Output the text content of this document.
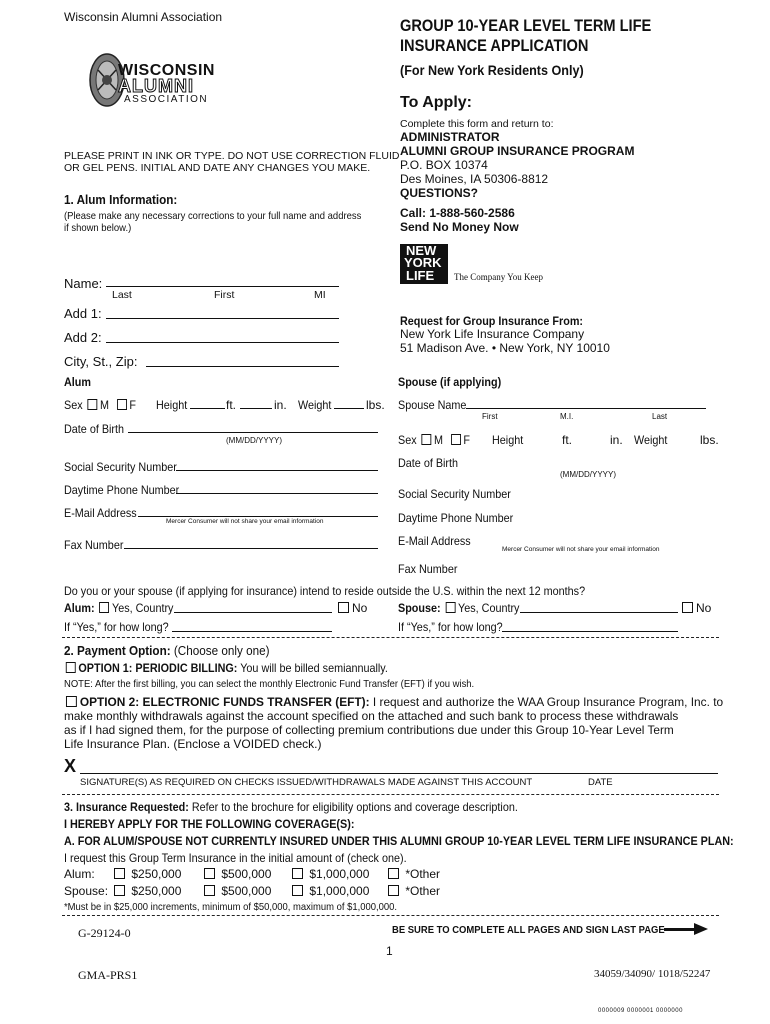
Wisconsin Alumni Association
WISCONSIN
ALUMNI
ASSOCIATION
GROUP 10-YEAR LEVEL TERM LIFE
INSURANCE APPLICATION
(For New York Residents Only)
To Apply:
Complete this form and return to:
ADMINISTRATOR
ALUMNI GROUP INSURANCE PROGRAM
P.O. BOX 10374
Des Moines, IA 50306-8812
QUESTIONS?
Call: 1-888-560-2586
Send No Money Now
NEW
YORK
LIFE The Company You Keep
PLEASE PRINT IN INK OR TYPE. DO NOT USE CORRECTION FLUID
OR GEL PENS. INITIAL AND DATE ANY CHANGES YOU MAKE.
1. Alum Information:
(Please make any necessary corrections to your full name and address
if shown below.)
Name:
Last	First	MI
Add 1:
Add 2:
City, St., Zip:
Request for Group Insurance From:
New York Life Insurance Company
51 Madison Ave. • New York, NY 10010
Alum
Sex M F Height	ft.	in. Weight	lbs.
Date of Birth
(MM/DD/YYYY)
Social Security Number
Daytime Phone Number
E-Mail Address
Mercer Consumer will not share your email information
Fax Number
Spouse (if applying)
Spouse Name
First	M.I.	Last
Sex M F Height	ft.	in. Weight	lbs.
Date of Birth
(MM/DD/YYYY)
Social Security Number
Daytime Phone Number
E-Mail Address
Mercer Consumer will not share your email information
Fax Number
Do you or your spouse (if applying for insurance) intend to reside outside the U.S. within the next 12 months?
Alum: Yes, Country	No	Spouse: Yes, Country	No
If “Yes,” for how long?	If “Yes,” for how long?
2. Payment Option: (Choose only one)
OPTION 1: PERIODIC BILLING: You will be billed semiannually.
NOTE: After the first billing, you can select the monthly Electronic Fund Transfer (EFT) if you wish.
OPTION 2: ELECTRONIC FUNDS TRANSFER (EFT): I request and authorize the WAA Group Insurance Program, Inc. to
make monthly withdrawals against the account specified on the attached and such bank to process these withdrawals
as if I had signed them, for the purpose of collecting premium contributions due under this Group 10-Year Level Term
Life Insurance Plan. (Enclose a VOIDED check.)
X
SIGNATURE(S) AS REQUIRED ON CHECKS ISSUED/WITHDRAWALS MADE AGAINST THIS ACCOUNT	DATE
3. Insurance Requested: Refer to the brochure for eligibility options and coverage description.
I HEREBY APPLY FOR THE FOLLOWING COVERAGE(S):
A. FOR ALUM/SPOUSE NOT CURRENTLY INSURED UNDER THIS ALUMNI GROUP 10-YEAR LEVEL TERM LIFE INSURANCE PLAN:
I request this Group Term Insurance in the initial amount of (check one).
Alum:	$250,000	$500,000	$1,000,000	*Other
Spouse:	$250,000	$500,000	$1,000,000	*Other
*Must be in $25,000 increments, minimum of $50,000, maximum of $1,000,000.
G-29124-0	BE SURE TO COMPLETE ALL PAGES AND SIGN LAST PAGE
1
GMA-PRS1	34059/34090/ 1018/52247
0000009 0000001 0000000
